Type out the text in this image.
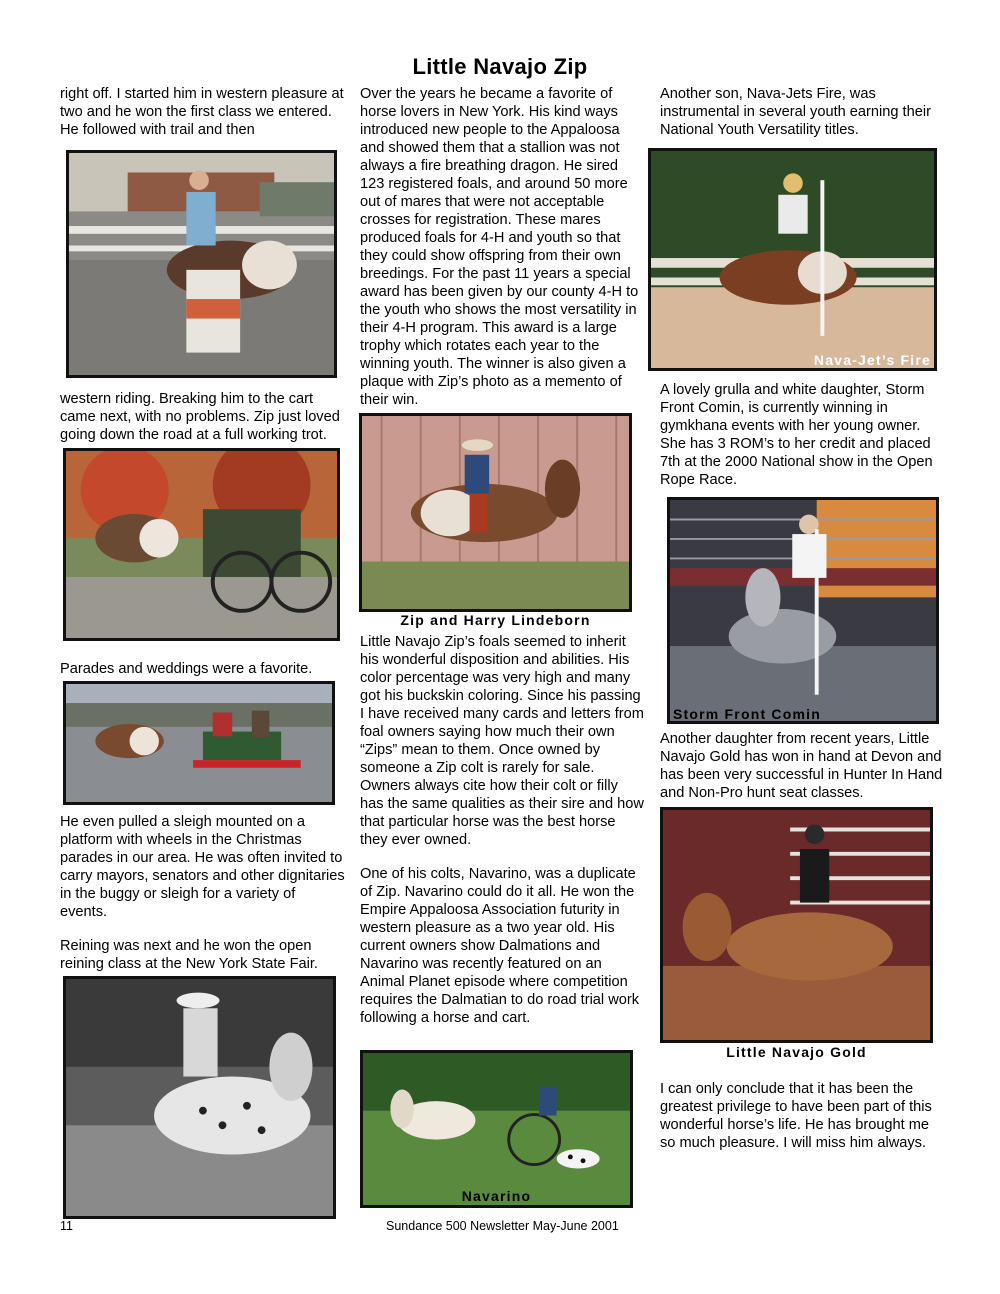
Little Navajo Zip

right off. I started him in western pleasure at two and he won the first class we entered. He followed with trail and then

western riding. Breaking him to the cart came next, with no problems. Zip just loved going down the road at a full working trot.

Parades and weddings were a favorite.

He even pulled a sleigh mounted on a platform with wheels in the Christmas parades in our area. He was often invited to carry mayors, senators and other dignitaries in the buggy or sleigh for a variety of events.

Reining was next and he won the open reining class at the New York State Fair.

11

Over the years he became a favorite of horse lovers in New York. His kind ways introduced new people to the Appaloosa and showed them that a stallion was not always a fire breathing dragon. He sired 123 registered foals, and around 50 more out of mares that were not acceptable crosses for registration. These mares produced foals for 4-H and youth so that they could show offspring from their own breedings. For the past 11 years a special award has been given by our county 4-H to the youth who shows the most versatility in their 4-H program. This award is a large trophy which rotates each year to the winning youth. The winner is also given a plaque with Zip’s photo as a memento of their win.

Zip and Harry Lindeborn

Little Navajo Zip’s foals seemed to inherit his wonderful disposition and abilities. His color percentage was very high and many got his buckskin coloring. Since his passing I have received many cards and letters from foal owners saying how much their own “Zips” mean to them. Once owned by someone a Zip colt is rarely for sale. Owners always cite how their colt or filly has the same qualities as their sire and how that particular horse was the best horse they ever owned.

One of his colts, Navarino, was a duplicate of Zip. Navarino could do it all. He won the Empire Appaloosa Association futurity in western pleasure as a two year old. His current owners show Dalmations and Navarino was recently featured on an Animal Planet episode where competition requires the Dalmatian to do road trial work following a horse and cart.

Navarino
Sundance 500 Newsletter May-June 2001

Another son, Nava-Jets Fire, was instrumental in several youth earning their National Youth Versatility titles.

Nava-Jet’s Fire

A lovely grulla and white daughter, Storm Front Comin, is currently winning in gymkhana events with her young owner. She has 3 ROM’s to her credit and placed 7th at the 2000 National show in the Open Rope Race.

Storm Front Comin

Another daughter from recent years, Little Navajo Gold has won in hand at Devon and has been very successful in Hunter In Hand and Non-Pro hunt seat classes.

Little Navajo Gold

I can only conclude that it has been the greatest privilege to have been part of this wonderful horse’s life. He has brought me so much pleasure. I will miss him always.
